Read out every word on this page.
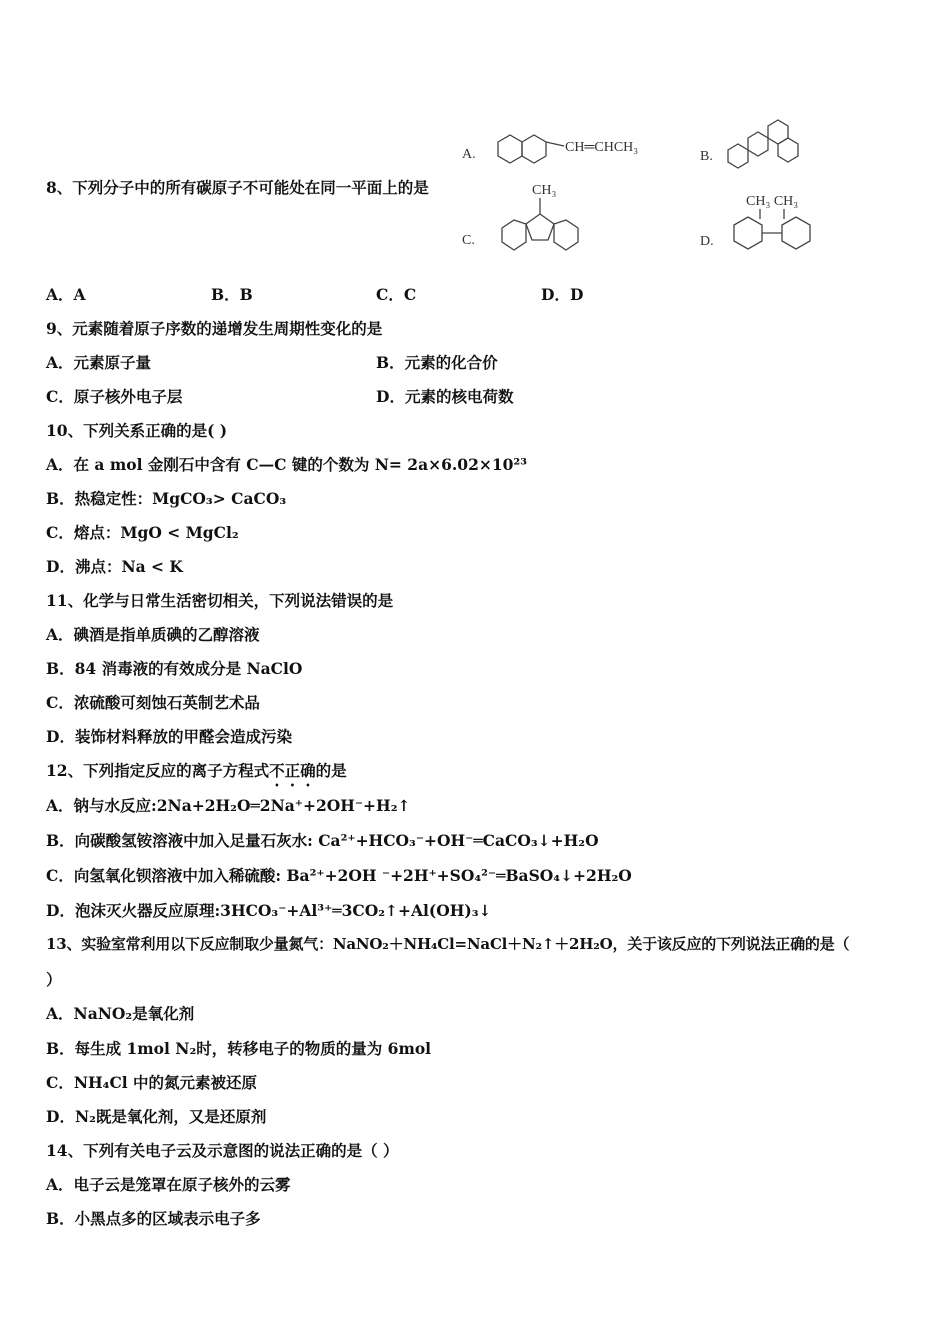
A.	CH═CHCH₃
B.
C.
CH₃
D.
CH₃ CH₃
8、下列分子中的所有碳原子不可能处在同一平面上的是
A．A	B．B	C．C	D．D
9、元素随着原子序数的递增发生周期性变化的是
A．元素原子量	B．元素的化合价
C．原子核外电子层	D．元素的核电荷数
10、下列关系正确的是( )
A．在 a mol 金刚石中含有 C—C 键的个数为 N= 2a×6.02×10²³
B．热稳定性：MgCO₃> CaCO₃
C．熔点：MgO < MgCl₂
D．沸点：Na < K
11、化学与日常生活密切相关，下列说法错误的是
A．碘酒是指单质碘的乙醇溶液
B．84 消毒液的有效成分是 NaClO
C．浓硫酸可刻蚀石英制艺术品
D．装饰材料释放的甲醛会造成污染
12、下列指定反应的离子方程式不正确的是
A．钠与水反应:2Na+2H₂O═2Na⁺+2OH⁻+H₂↑
B．向碳酸氢铵溶液中加入足量石灰水: Ca²⁺+HCO₃⁻+OH⁻═CaCO₃↓+H₂O
C．向氢氧化钡溶液中加入稀硫酸: Ba²⁺+2OH ⁻+2H⁺+SO₄²⁻═BaSO₄↓+2H₂O
D．泡沫灭火器反应原理:3HCO₃⁻+Al³⁺═3CO₂↑+Al(OH)₃↓
13、实验室常利用以下反应制取少量氮气：NaNO₂＋NH₄Cl=NaCl＋N₂↑＋2H₂O，关于该反应的下列说法正确的是（
）
A．NaNO₂是氧化剂
B．每生成 1mol N₂时，转移电子的物质的量为 6mol
C．NH₄Cl 中的氮元素被还原
D．N₂既是氧化剂，又是还原剂
14、下列有关电子云及示意图的说法正确的是（ ）
A．电子云是笼罩在原子核外的云雾
B．小黑点多的区域表示电子多
